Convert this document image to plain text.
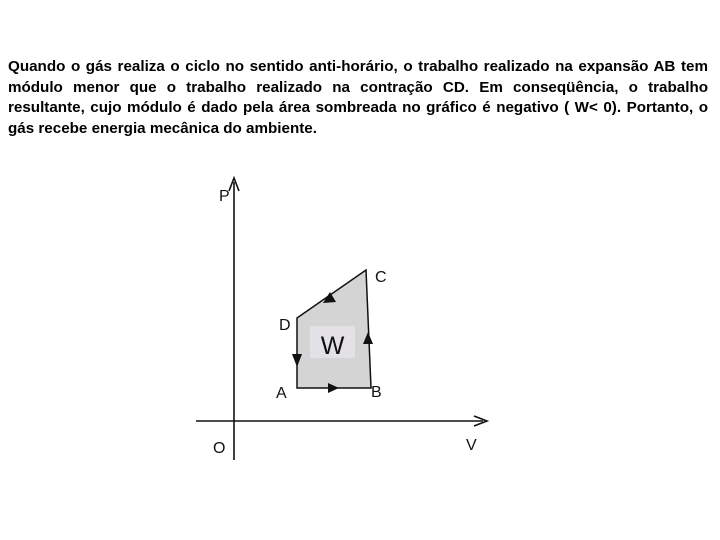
Quando o gás realiza o ciclo no sentido anti-horário, o trabalho realizado na expansão AB tem módulo menor que o trabalho realizado na contração CD. Em conseqüência, o trabalho resultante, cujo módulo é dado pela área sombreada no gráfico é negativo ( W< 0). Portanto, o gás recebe energia mecânica do ambiente.

W
P
V
O
A	B
C
D
